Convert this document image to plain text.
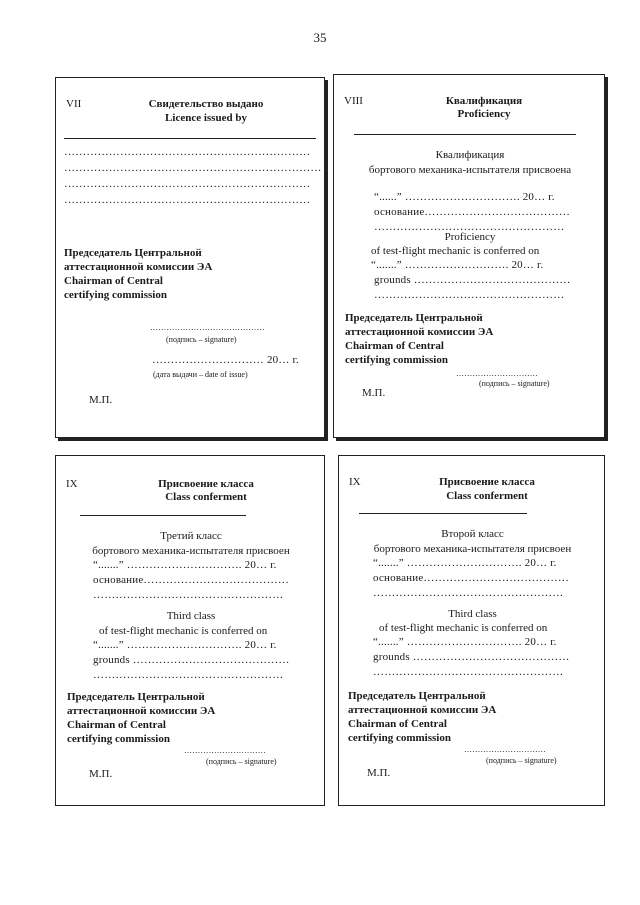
35
VII	Свидетельство выдано
Licence issued by
…………………………………………………………
……………………………………………………………
…………………………………………………………
…………………………………………………………
Председатель Центральной
аттестационной комиссии ЭА
Chairman of Central
certifying commission
……………………………………
(подпись – signature)
………………………… 20… г.
(дата выдачи – date of issue)
М.П.
VIII	Квалификация
Proficiency
Квалификация
бортового механика-испытателя присвоена
“......” …………………………. 20… г.
основание…………………………………
……………………………………………
Proficiency
of test-flight mechanic is conferred on
“.......” ………………………. 20… г.
grounds ……………………………………
……………………………………………
Председатель Центральной
аттестационной комиссии ЭА
Chairman of Central
certifying commission
…………………………
(подпись – signature)
М.П.
IX	Присвоение класса
Class conferment
Третий класс
бортового механика-испытателя присвоен
“.......” …………………………. 20… г.
основание…………………………………
……………………………………………
Third class
of test-flight mechanic is conferred on
“.......” …………………………. 20… г.
grounds ……………………………………
……………………………………………
Председатель Центральной
аттестационной комиссии ЭА
Chairman of Central
certifying commission
…………………………
(подпись – signature)
М.П.
IX	Присвоение класса
Class conferment
Второй класс
бортового механика-испытателя присвоен
“.......” …………………………. 20… г.
основание…………………………………
……………………………………………
Third class
of test-flight mechanic is conferred on
“.......” …………………………. 20… г.
grounds ……………………………………
……………………………………………
Председатель Центральной
аттестационной комиссии ЭА
Chairman of Central
certifying commission
…………………………
(подпись – signature)
М.П.
